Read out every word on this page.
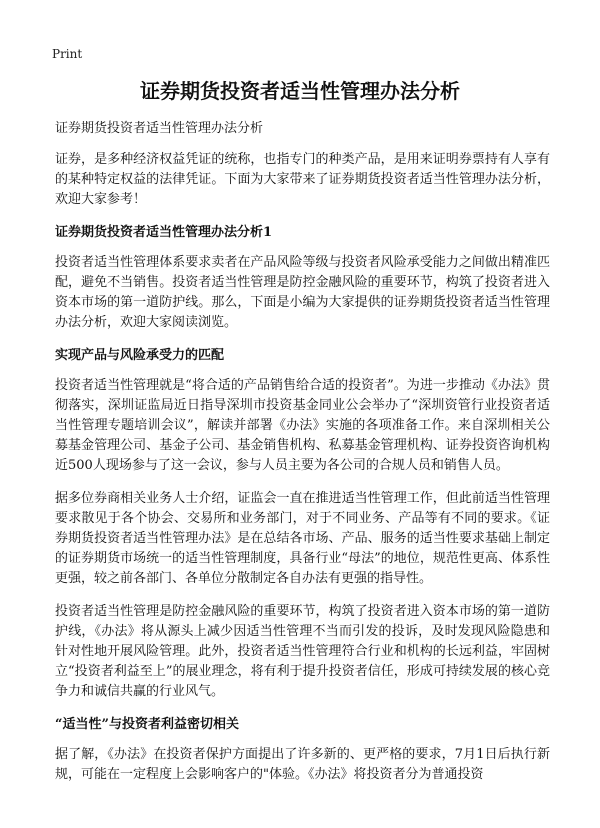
Print
证券期货投资者适当性管理办法分析

证券期货投资者适当性管理办法分析

证券，是多种经济权益凭证的统称，也指专门的种类产品，是用来证明券票持有人享有的某种特定权益的法律凭证。下面为大家带来了证券期货投资者适当性管理办法分析，欢迎大家参考！

证券期货投资者适当性管理办法分析1

投资者适当性管理体系要求卖者在产品风险等级与投资者风险承受能力之间做出精准匹配，避免不当销售。投资者适当性管理是防控金融风险的重要环节，构筑了投资者进入资本市场的第一道防护线。那么，下面是小编为大家提供的证券期货投资者适当性管理办法分析，欢迎大家阅读浏览。

实现产品与风险承受力的匹配

投资者适当性管理就是“将合适的产品销售给合适的投资者”。为进一步推动《办法》贯彻落实，深圳证监局近日指导深圳市投资基金同业公会举办了“深圳资管行业投资者适当性管理专题培训会议”，解读并部署《办法》实施的各项准备工作。来自深圳相关公募基金管理公司、基金子公司、基金销售机构、私募基金管理机构、证券投资咨询机构近500人现场参与了这一会议，参与人员主要为各公司的合规人员和销售人员。

据多位券商相关业务人士介绍，证监会一直在推进适当性管理工作，但此前适当性管理要求散见于各个协会、交易所和业务部门，对于不同业务、产品等有不同的要求。《证券期货投资者适当性管理办法》是在总结各市场、产品、服务的适当性要求基础上制定的证券期货市场统一的适当性管理制度，具备行业“母法”的地位，规范性更高、体系性更强，较之前各部门、各单位分散制定各自办法有更强的指导性。

投资者适当性管理是防控金融风险的重要环节，构筑了投资者进入资本市场的第一道防护线，《办法》将从源头上减少因适当性管理不当而引发的投诉，及时发现风险隐患和针对性地开展风险管理。此外，投资者适当性管理符合行业和机构的长远利益，牢固树立“投资者利益至上”的展业理念，将有利于提升投资者信任，形成可持续发展的核心竞争力和诚信共赢的行业风气。

“适当性”与投资者利益密切相关

据了解，《办法》在投资者保护方面提出了许多新的、更严格的要求，7月1日后执行新规，可能在一定程度上会影响客户的"体验。《办法》将投资者分为普通投资
